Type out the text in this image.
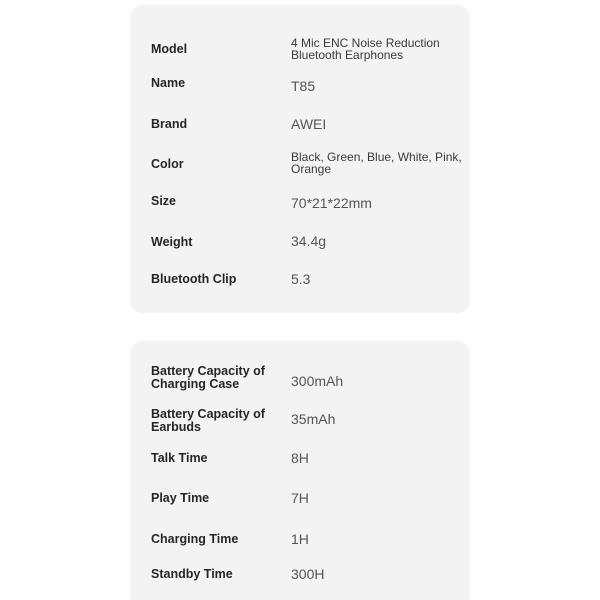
Model	4 Mic ENC Noise Reduction
Bluetooth Earphones
Name	T85
Brand	AWEI
Color	Black, Green, Blue, White, Pink,
Orange
Size	70*21*22mm
Weight	34.4g
Bluetooth Clip	5.3
Battery Capacity of
Charging Case	300mAh
Battery Capacity of
Earbuds	35mAh
Talk Time	8H
Play Time	7H
Charging Time	1H
Standby Time	300H
